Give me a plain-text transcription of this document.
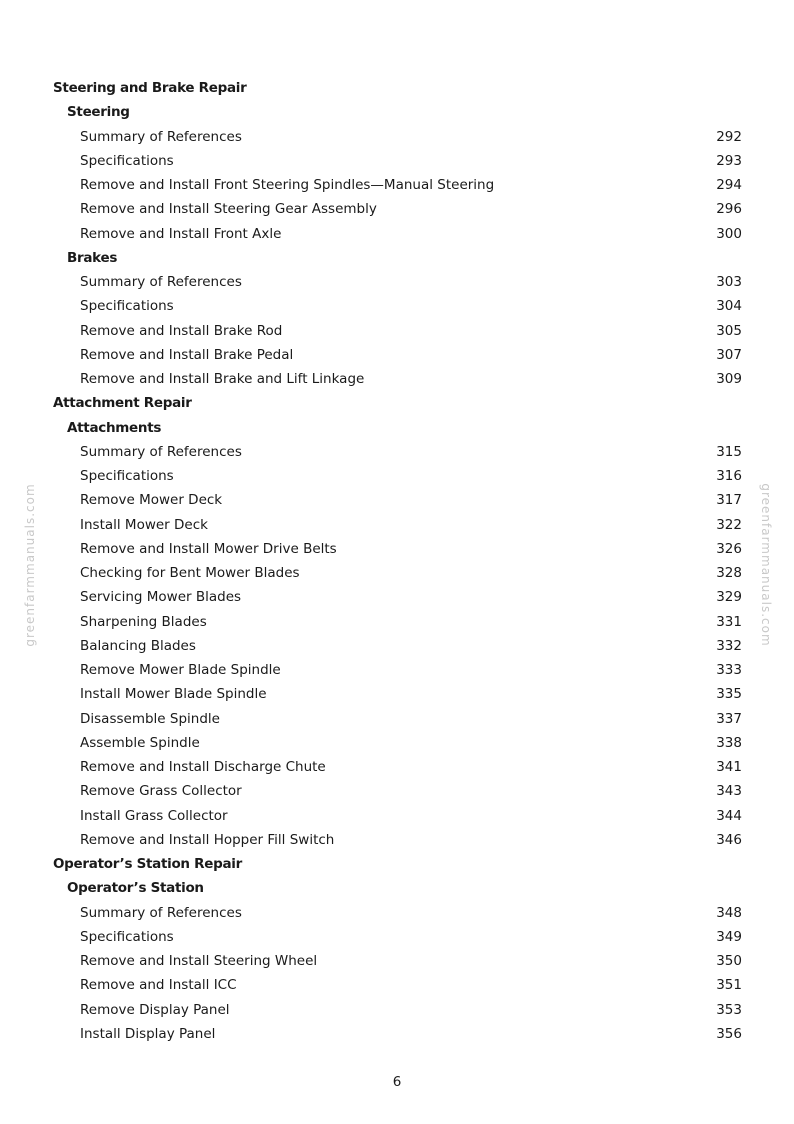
Steering and Brake Repair
Steering
Summary of References	292
Specifications	293
Remove and Install Front Steering Spindles—Manual Steering	294
Remove and Install Steering Gear Assembly	296
Remove and Install Front Axle	300
Brakes
Summary of References	303
Specifications	304
Remove and Install Brake Rod	305
Remove and Install Brake Pedal	307
Remove and Install Brake and Lift Linkage	309
Attachment Repair
Attachments
Summary of References	315
Specifications	316
Remove Mower Deck	317
Install Mower Deck	322
Remove and Install Mower Drive Belts	326
Checking for Bent Mower Blades	328
Servicing Mower Blades	329
Sharpening Blades	331
Balancing Blades	332
Remove Mower Blade Spindle	333
Install Mower Blade Spindle	335
Disassemble Spindle	337
Assemble Spindle	338
Remove and Install Discharge Chute	341
Remove Grass Collector	343
Install Grass Collector	344
Remove and Install Hopper Fill Switch	346
Operator’s Station Repair
Operator’s Station
Summary of References	348
Specifications	349
Remove and Install Steering Wheel	350
Remove and Install ICC	351
Remove Display Panel	353
Install Display Panel	356
greenfarmmanuals.com	greenfarmmanuals.com
6
